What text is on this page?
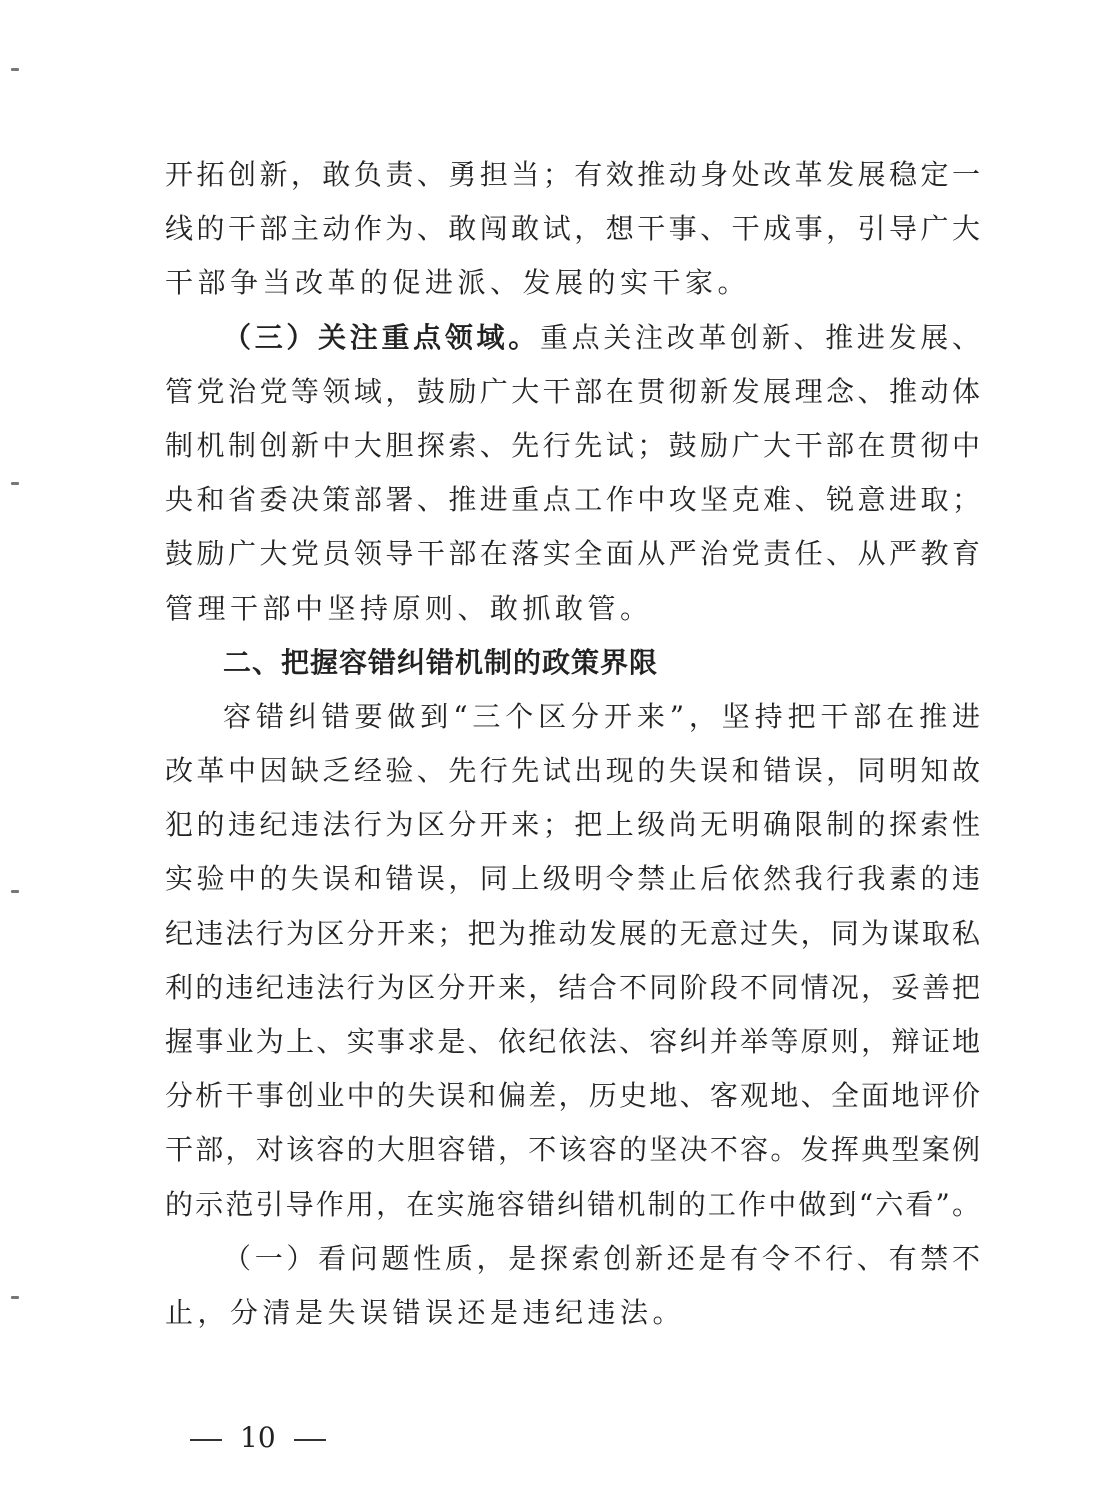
开拓创新，敢负责、勇担当；有效推动身处改革发展稳定一
线的干部主动作为、敢闯敢试，想干事、干成事，引导广大
干部争当改革的促进派、发展的实干家。
（三）关注重点领域。重点关注改革创新、推进发展、
管党治党等领域，鼓励广大干部在贯彻新发展理念、推动体
制机制创新中大胆探索、先行先试；鼓励广大干部在贯彻中
央和省委决策部署、推进重点工作中攻坚克难、锐意进取；
鼓励广大党员领导干部在落实全面从严治党责任、从严教育
管理干部中坚持原则、敢抓敢管。
二、把握容错纠错机制的政策界限
容错纠错要做到“三个区分开来”，坚持把干部在推进
改革中因缺乏经验、先行先试出现的失误和错误，同明知故
犯的违纪违法行为区分开来；把上级尚无明确限制的探索性
实验中的失误和错误，同上级明令禁止后依然我行我素的违
纪违法行为区分开来；把为推动发展的无意过失，同为谋取私
利的违纪违法行为区分开来，结合不同阶段不同情况，妥善把
握事业为上、实事求是、依纪依法、容纠并举等原则，辩证地
分析干事创业中的失误和偏差，历史地、客观地、全面地评价
干部，对该容的大胆容错，不该容的坚决不容。发挥典型案例
的示范引导作用，在实施容错纠错机制的工作中做到“六看”。
（一）看问题性质，是探索创新还是有令不行、有禁不
止，分清是失误错误还是违纪违法。
10
